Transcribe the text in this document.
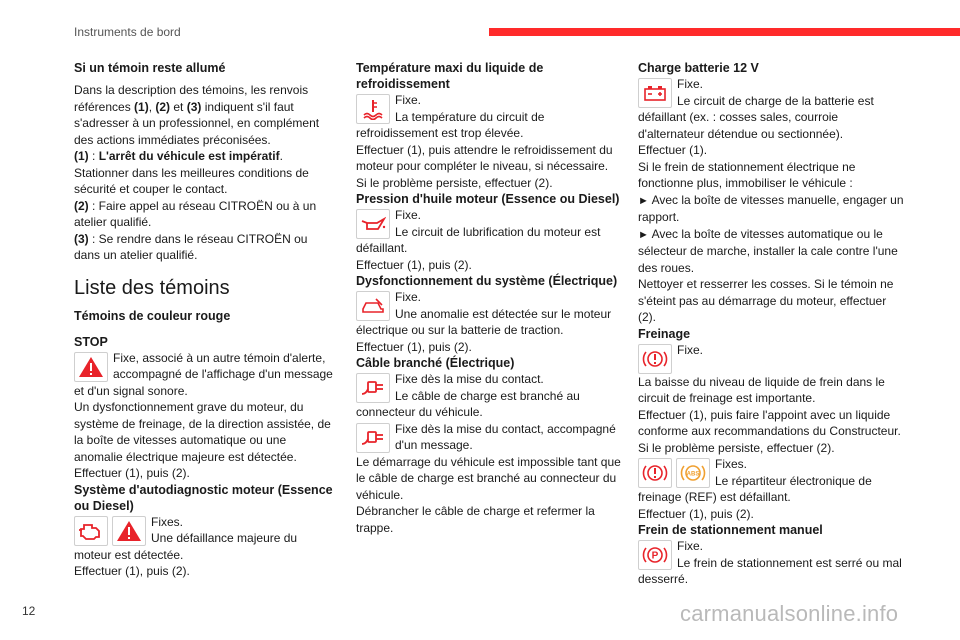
Instruments de bord

Si un témoin reste allumé

Dans la description des témoins, les renvois références (1), (2) et (3) indiquent s'il faut s'adresser à un professionnel, en complément des actions immédiates préconisées.

(1) : L'arrêt du véhicule est impératif. Stationner dans les meilleures conditions de sécurité et couper le contact.

(2) : Faire appel au réseau CITROËN ou à un atelier qualifié.

(3) : Se rendre dans le réseau CITROËN ou dans un atelier qualifié.

Liste des témoins

Témoins de couleur rouge

STOP

Fixe, associé à un autre témoin d'alerte, accompagné de l'affichage d'un message et d'un signal sonore.

Un dysfonctionnement grave du moteur, du système de freinage, de la direction assistée, de la boîte de vitesses automatique ou une anomalie électrique majeure est détectée.

Effectuer (1), puis (2).

Système d'autodiagnostic moteur (Essence ou Diesel)

Fixes.

Une défaillance majeure du moteur est détectée.

Effectuer (1), puis (2).

Température maxi du liquide de refroidissement

Fixe.

La température du circuit de refroidissement est trop élevée.

Effectuer (1), puis attendre le refroidissement du moteur pour compléter le niveau, si nécessaire.

Si le problème persiste, effectuer (2).

Pression d'huile moteur (Essence ou Diesel)

Fixe.

Le circuit de lubrification du moteur est défaillant.

Effectuer (1), puis (2).

Dysfonctionnement du système (Électrique)

Fixe.

Une anomalie est détectée sur le moteur électrique ou sur la batterie de traction.

Effectuer (1), puis (2).

Câble branché (Électrique)

Fixe dès la mise du contact.

Le câble de charge est branché au connecteur du véhicule.

Fixe dès la mise du contact, accompagné d'un message.

Le démarrage du véhicule est impossible tant que le câble de charge est branché au connecteur du véhicule.

Débrancher le câble de charge et refermer la trappe.

Charge batterie 12 V

Fixe.

Le circuit de charge de la batterie est défaillant (ex. : cosses sales, courroie d'alternateur détendue ou sectionnée).

Effectuer (1).

Si le frein de stationnement électrique ne fonctionne plus, immobiliser le véhicule :

► Avec la boîte de vitesses manuelle, engager un rapport.

► Avec la boîte de vitesses automatique ou le sélecteur de marche, installer la cale contre l'une des roues.

Nettoyer et resserrer les cosses. Si le témoin ne s'éteint pas au démarrage du moteur, effectuer (2).

Freinage

Fixe.

La baisse du niveau de liquide de frein dans le circuit de freinage est importante.

Effectuer (1), puis faire l'appoint avec un liquide conforme aux recommandations du Constructeur. Si le problème persiste, effectuer (2).

ABS

Fixes.

Le répartiteur électronique de freinage (REF) est défaillant.

Effectuer (1), puis (2).

Frein de stationnement manuel

P

Fixe.

Le frein de stationnement est serré ou mal desserré.

12	carmanualsonline.info
